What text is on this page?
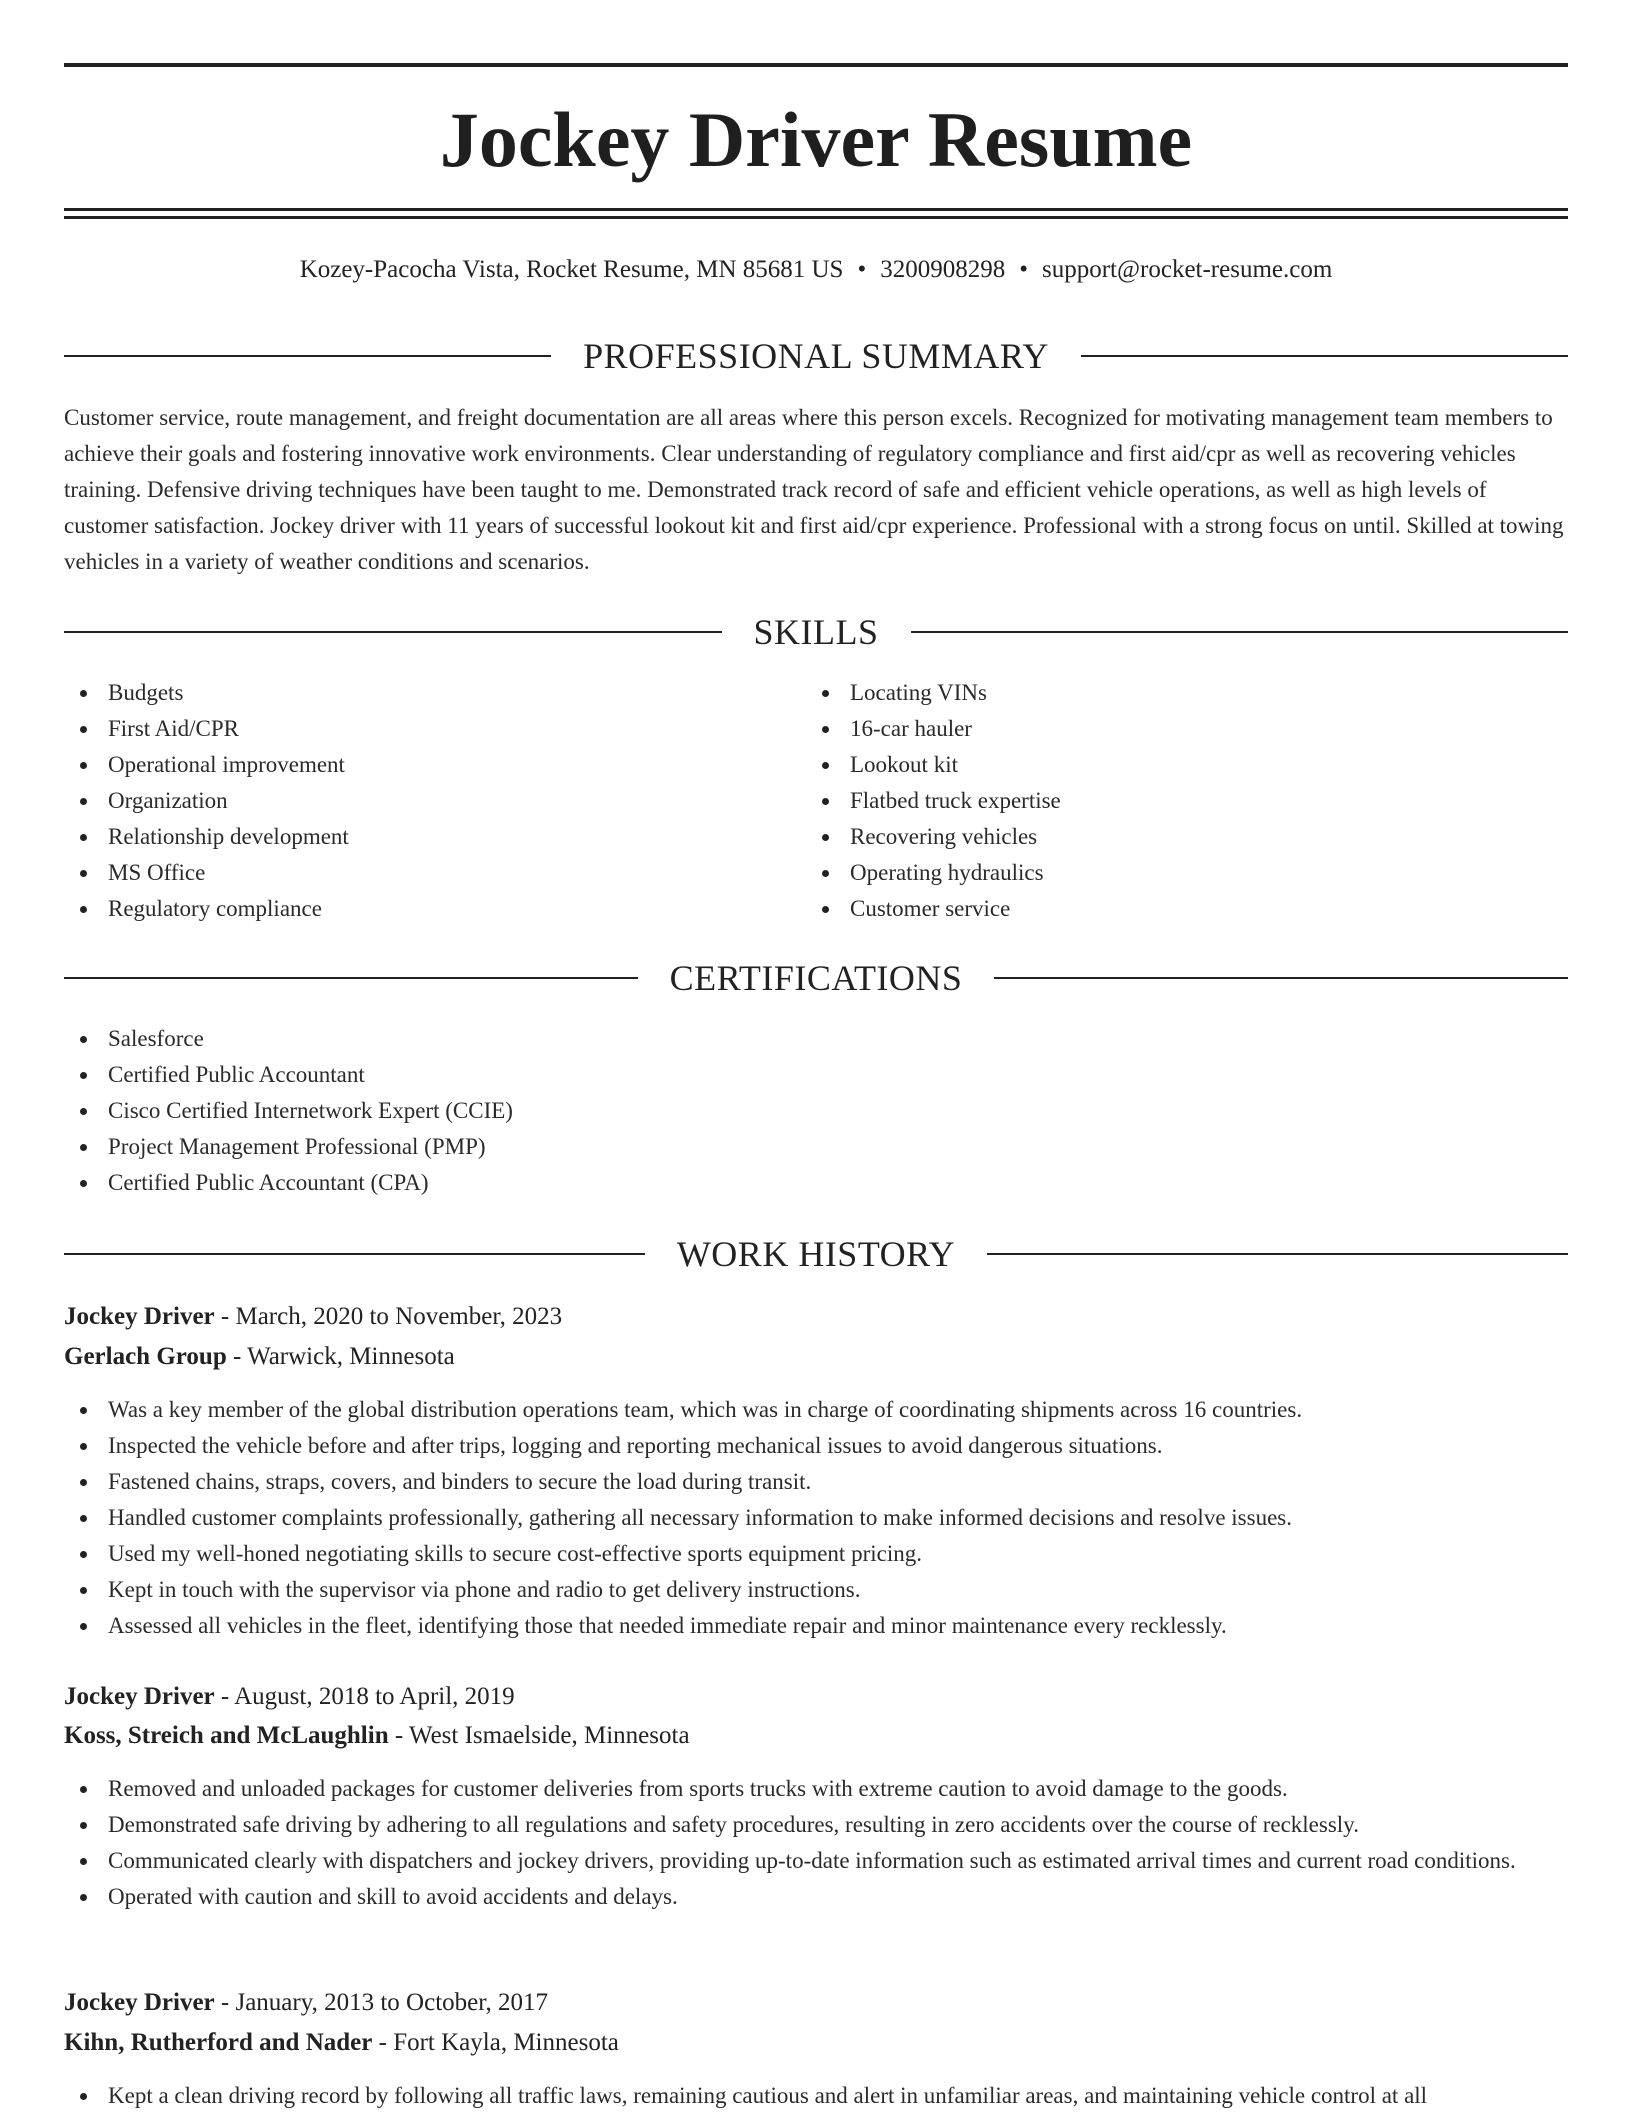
Jockey Driver Resume
Kozey-Pacocha Vista, Rocket Resume, MN 85681 US • 3200908298 • support@rocket-resume.com
PROFESSIONAL SUMMARY

Customer service, route management, and freight documentation are all areas where this person excels. Recognized for motivating management team members to achieve their goals and fostering innovative work environments. Clear understanding of regulatory compliance and first aid/cpr as well as recovering vehicles training. Defensive driving techniques have been taught to me. Demonstrated track record of safe and efficient vehicle operations, as well as high levels of customer satisfaction. Jockey driver with 11 years of successful lookout kit and first aid/cpr experience. Professional with a strong focus on until. Skilled at towing vehicles in a variety of weather conditions and scenarios.

SKILLS
Budgets
First Aid/CPR
Operational improvement
Organization
Relationship development
MS Office
Regulatory compliance
Locating VINs
16-car hauler
Lookout kit
Flatbed truck expertise
Recovering vehicles
Operating hydraulics
Customer service
CERTIFICATIONS
Salesforce
Certified Public Accountant
Cisco Certified Internetwork Expert (CCIE)
Project Management Professional (PMP)
Certified Public Accountant (CPA)
WORK HISTORY
Jockey Driver - March, 2020 to November, 2023
Gerlach Group - Warwick, Minnesota
Was a key member of the global distribution operations team, which was in charge of coordinating shipments across 16 countries.
Inspected the vehicle before and after trips, logging and reporting mechanical issues to avoid dangerous situations.
Fastened chains, straps, covers, and binders to secure the load during transit.
Handled customer complaints professionally, gathering all necessary information to make informed decisions and resolve issues.
Used my well-honed negotiating skills to secure cost-effective sports equipment pricing.
Kept in touch with the supervisor via phone and radio to get delivery instructions.
Assessed all vehicles in the fleet, identifying those that needed immediate repair and minor maintenance every recklessly.
Jockey Driver - August, 2018 to April, 2019
Koss, Streich and McLaughlin - West Ismaelside, Minnesota
Removed and unloaded packages for customer deliveries from sports trucks with extreme caution to avoid damage to the goods.
Demonstrated safe driving by adhering to all regulations and safety procedures, resulting in zero accidents over the course of recklessly.
Communicated clearly with dispatchers and jockey drivers, providing up-to-date information such as estimated arrival times and current road conditions.
Operated with caution and skill to avoid accidents and delays.
Jockey Driver - January, 2013 to October, 2017
Kihn, Rutherford and Nader - Fort Kayla, Minnesota
Kept a clean driving record by following all traffic laws, remaining cautious and alert in unfamiliar areas, and maintaining vehicle control at all
